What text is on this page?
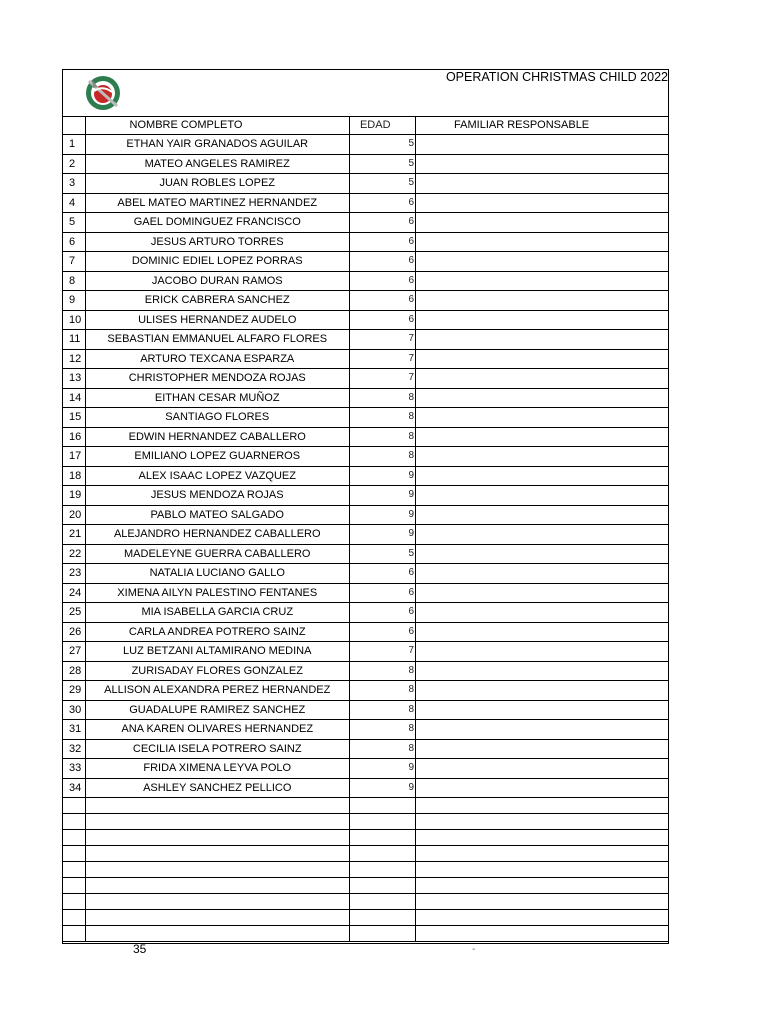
OPERATION CHRISTMAS CHILD 2022
	NOMBRE COMPLETO	EDAD	FAMILIAR RESPONSABLE
1	ETHAN YAIR GRANADOS AGUILAR	5	
2	MATEO ANGELES RAMIREZ	5	
3	JUAN ROBLES LOPEZ	5	
4	ABEL MATEO MARTINEZ HERNANDEZ	6	
5	GAEL DOMINGUEZ FRANCISCO	6	
6	JESUS ARTURO TORRES	6	
7	DOMINIC EDIEL LOPEZ PORRAS	6	
8	JACOBO DURAN RAMOS	6	
9	ERICK CABRERA SANCHEZ	6	
10	ULISES HERNANDEZ AUDELO	6	
11	SEBASTIAN EMMANUEL ALFARO FLORES	7	
12	ARTURO TEXCANA ESPARZA	7	
13	CHRISTOPHER MENDOZA ROJAS	7	
14	EITHAN CESAR MUÑOZ	8	
15	SANTIAGO FLORES	8	
16	EDWIN HERNANDEZ CABALLERO	8	
17	EMILIANO LOPEZ GUARNEROS	8	
18	ALEX ISAAC LOPEZ VAZQUEZ	9	
19	JESUS MENDOZA ROJAS	9	
20	PABLO MATEO SALGADO	9	
21	ALEJANDRO HERNANDEZ CABALLERO	9	
22	MADELEYNE GUERRA CABALLERO	5	
23	NATALIA LUCIANO GALLO	6	
24	XIMENA AILYN PALESTINO FENTANES	6	
25	MIA ISABELLA GARCIA CRUZ	6	
26	CARLA ANDREA POTRERO SAINZ	6	
27	LUZ BETZANI ALTAMIRANO MEDINA	7	
28	ZURISADAY FLORES GONZALEZ	8	
29	ALLISON ALEXANDRA PEREZ HERNANDEZ	8	
30	GUADALUPE RAMIREZ SANCHEZ	8	
31	ANA KAREN OLIVARES HERNANDEZ	8	
32	CECILIA ISELA POTRERO SAINZ	8	
33	FRIDA XIMENA LEYVA POLO	9	
34	ASHLEY SANCHEZ PELLICO	9	

35	-
